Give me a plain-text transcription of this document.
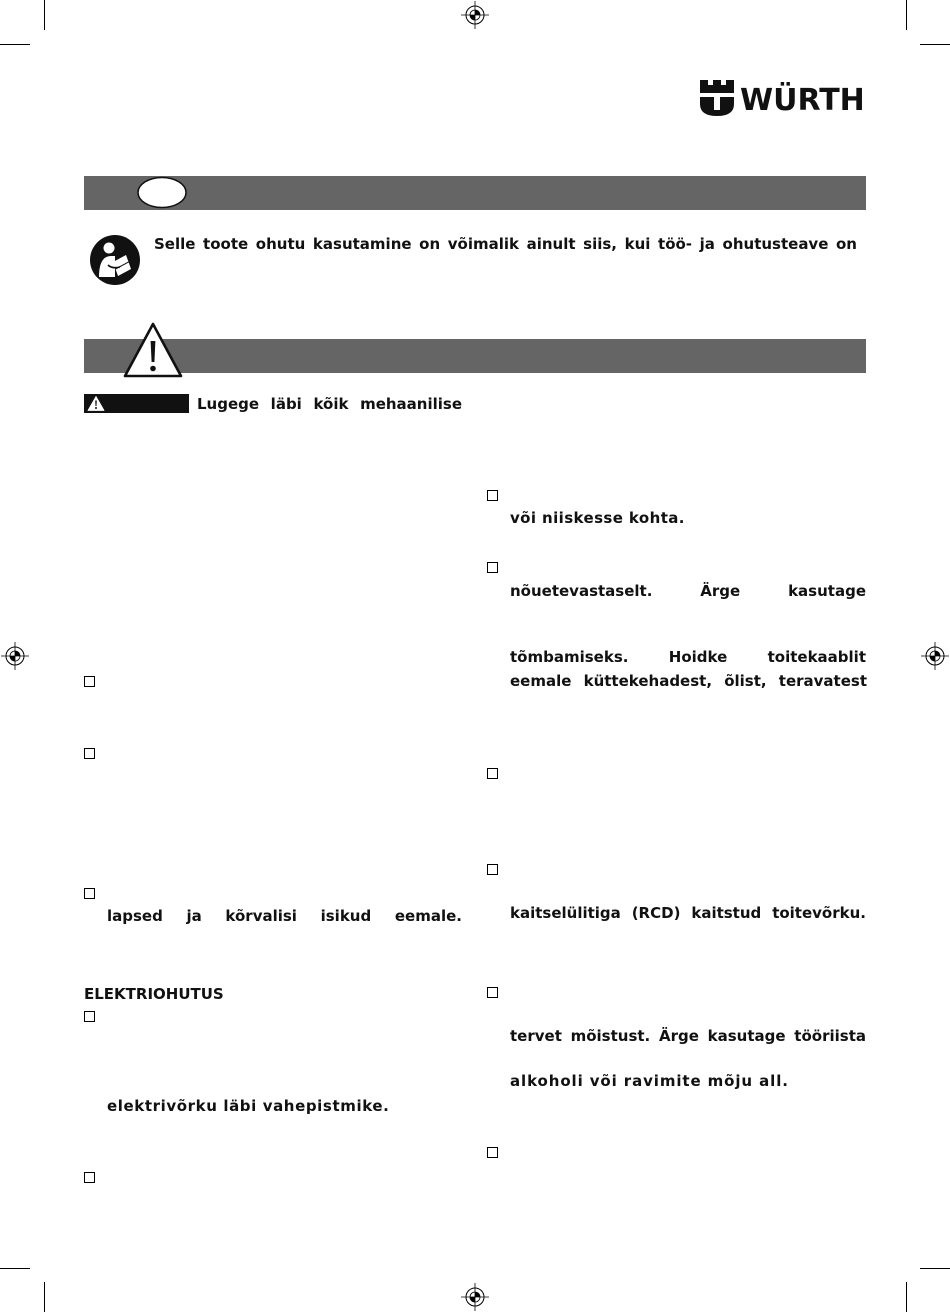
WÜRTH
Selle toote ohutu kasutamine on võimalik ainult siis, kui töö- ja ohutusteave on
Lugege läbi kõik mehaanilise
lapsed ja kõrvalisi isikud eemale.
ELEKTRIOHUTUS
elektrivõrku läbi vahepistmike.
või niiskesse kohta.
nõuetevastaselt. Ärge kasutage
tõmbamiseks. Hoidke toitekaablit
eemale küttekehadest, õlist, teravatest
kaitselülitiga (RCD) kaitstud toitevõrku.
tervet mõistust. Ärge kasutage tööriista
alkoholi või ravimite mõju all.
